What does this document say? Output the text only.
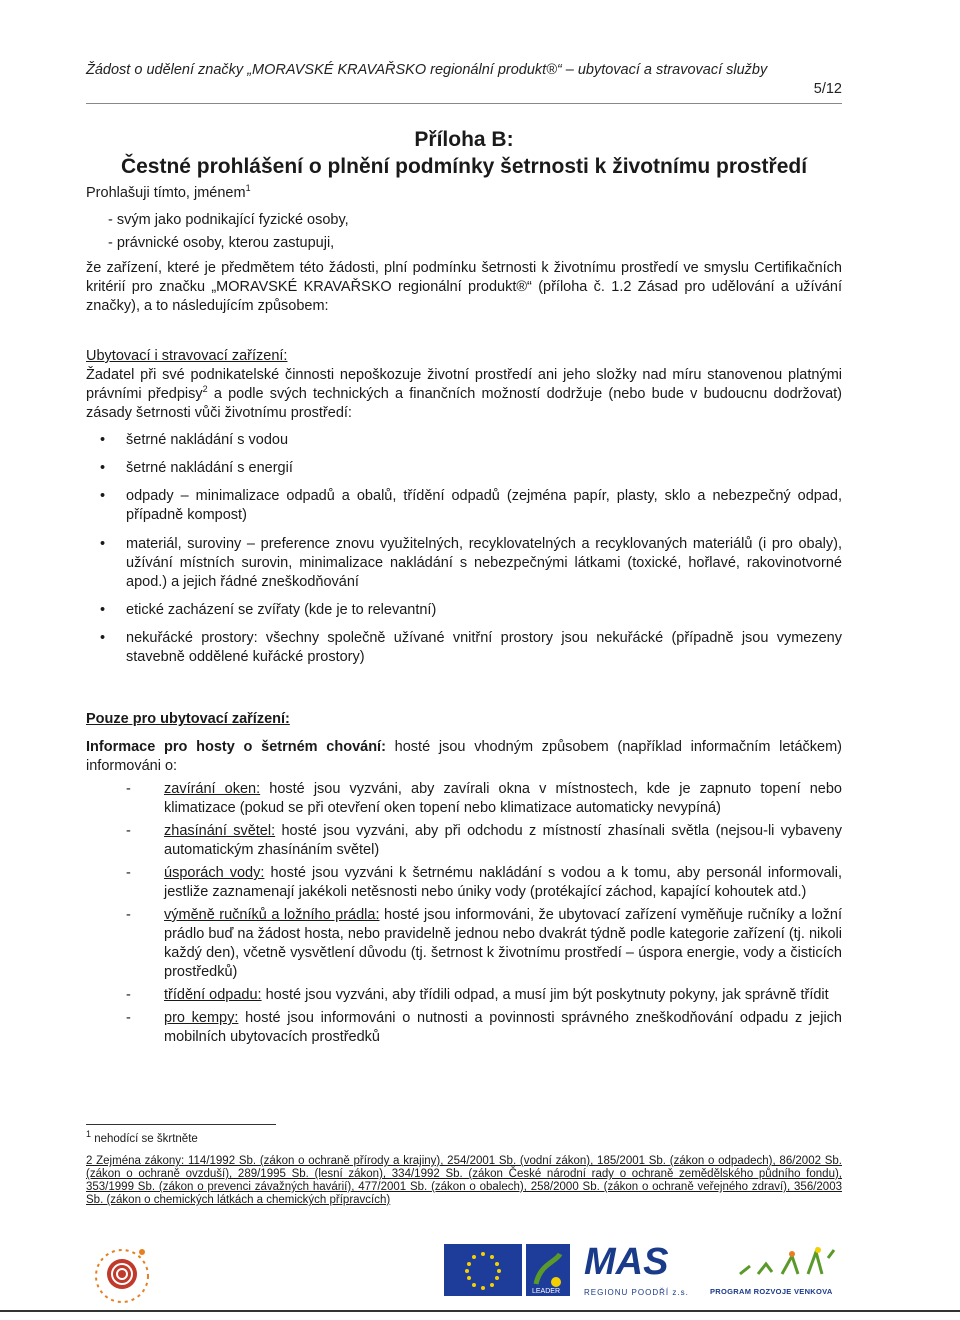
Žádost o udělení značky „MORAVSKÉ KRAVAŘSKO regionální produkt®“ – ubytovací a stravovací služby
5/12
Příloha B:
Čestné prohlášení o plnění podmínky šetrnosti k životnímu prostředí
Prohlašuji tímto, jménem$^1$
- svým jako podnikající fyzické osoby,
- právnické osoby, kterou zastupuji,
že zařízení, které je předmětem této žádosti, plní podmínku šetrnosti k životnímu prostředí ve smyslu Certifikačních kritérií pro značku „MORAVSKÉ KRAVAŘSKO regionální produkt®“ (příloha č. 1.2 Zásad pro udělování a užívání značky), a to následujícím způsobem:
Ubytovací i stravovací zařízení:
Žadatel při své podnikatelské činnosti nepoškozuje životní prostředí ani jeho složky nad míru stanovenou platnými právními předpisy$^2$ a podle svých technických a finančních možností dodržuje (nebo bude v budoucnu dodržovat) zásady šetrnosti vůči životnímu prostředí:
• šetrné nakládání s vodou
• šetrné nakládání s energií
• odpady – minimalizace odpadů a obalů, třídění odpadů (zejména papír, plasty, sklo a nebezpečný odpad, případně kompost)
• materiál, suroviny – preference znovu využitelných, recyklovatelných a recyklovaných materiálů (i pro obaly), užívání místních surovin, minimalizace nakládání s nebezpečnými látkami (toxické, hořlavé, rakovinotvorné apod.) a jejich řádné zneškodňování
• etické zacházení se zvířaty (kde je to relevantní)
• nekuřácké prostory: všechny společně užívané vnitřní prostory jsou nekuřácké (případně jsou vymezeny stavebně oddělené kuřácké prostory)
Pouze pro ubytovací zařízení:
Informace pro hosty o šetrném chování: hosté jsou vhodným způsobem (například informačním letáčkem) informováni o:
- zavírání oken: hosté jsou vyzváni, aby zavírali okna v místnostech, kde je zapnuto topení nebo klimatizace (pokud se při otevření oken topení nebo klimatizace automaticky nevypíná)
- zhasínání světel: hosté jsou vyzváni, aby při odchodu z místností zhasínali světla (nejsou-li vybaveny automatickým zhasínáním světel)
- úsporách vody: hosté jsou vyzváni k šetrnému nakládání s vodou a k tomu, aby personál informovali, jestliže zaznamenají jakékoli netěsnosti nebo úniky vody (protékající záchod, kapající kohoutek atd.)
- výměně ručníků a ložního prádla: hosté jsou informováni, že ubytovací zařízení vyměňuje ručníky a ložní prádlo buď na žádost hosta, nebo pravidelně jednou nebo dvakrát týdně podle kategorie zařízení (tj. nikoli každý den), včetně vysvětlení důvodu (tj. šetrnost k životnímu prostředí – úspora energie, vody a čisticích prostředků)
- třídění odpadu: hosté jsou vyzváni, aby třídili odpad, a musí jim být poskytnuty pokyny, jak správně třídit
- pro kempy: hosté jsou informováni o nutnosti a povinnosti správného zneškodňování odpadu z jejich mobilních ubytovacích prostředků
$^1$ nehodící se škrtněte
2 Zejména zákony: 114/1992 Sb. (zákon o ochraně přírody a krajiny), 254/2001 Sb. (vodní zákon), 185/2001 Sb. (zákon o odpadech), 86/2002 Sb. (zákon o ochraně ovzduší), 289/1995 Sb. (lesní zákon), 334/1992 Sb. (zákon České národní rady o ochraně zemědělského půdního fondu), 353/1999 Sb. (zákon o prevenci závažných havárií), 477/2001 Sb. (zákon o obalech), 258/2000 Sb. (zákon o ochraně veřejného zdraví), 356/2003 Sb. (zákon o chemických látkách a chemických přípravcích)
LEADER
MAS
REGIONU POODŘÍ z.s.	PROGRAM ROZVOJE VENKOVA
